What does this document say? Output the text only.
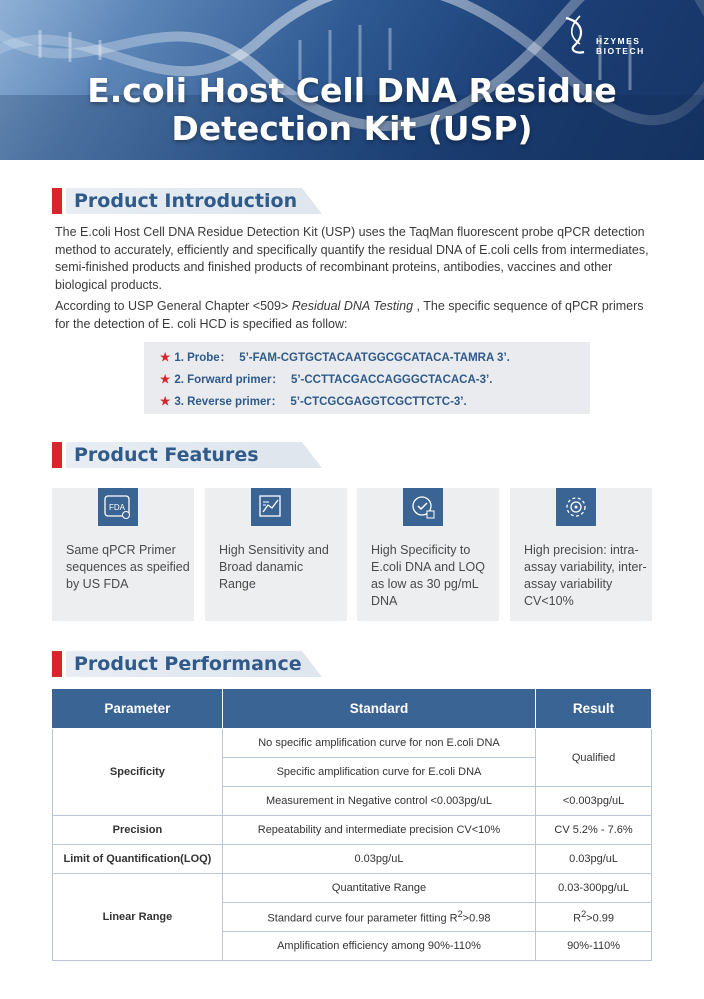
HZYMES
BIOTECH
E.coli Host Cell DNA Residue
Detection Kit (USP)
Product Introduction

The E.coli Host Cell DNA Residue Detection Kit (USP) uses the TaqMan fluorescent probe qPCR detection method to accurately, efficiently and specifically quantify the residual DNA of E.coli cells from intermediates, semi-finished products and finished products of recombinant proteins, antibodies, vaccines and other biological products.

According to USP General Chapter <509> Residual DNA Testing , The specific sequence of qPCR primers for the detection of E. coli HCD is specified as follow:

★ 1. Probe： 5’-FAM-CGTGCTACAATGGCGCATACA-TAMRA 3’.
★ 2. Forward primer： 5’-CCTTACGACCAGGGCTACACA-3’.
★ 3. Reverse primer： 5’-CTCGCGAGGTCGCTTCTC-3’.
Product Features
FDA
Same qPCR Primer sequences as speified by US FDA
High Sensitivity and Broad danamic Range
High Specificity to E.coli DNA and LOQ as low as 30 pg/mL DNA
High precision: intra-assay variability, inter-assay variability CV<10%
Product Performance
Parameter	Standard	Result
Specificity	No specific amplification curve for non E.coli DNA	Qualified
	Specific amplification curve for E.coli DNA	
	Measurement in Negative control <0.003pg/uL	<0.003pg/uL
Precision	Repeatability and intermediate precision CV<10%	CV 5.2% - 7.6%
Limit of Quantification(LOQ)	0.03pg/uL	0.03pg/uL
Linear Range	Quantitative Range	0.03-300pg/uL
	Standard curve four parameter fitting $R^2>0.98$	$R^2>0.99$
	Amplification efficiency among 90%-110%	90%-110%
